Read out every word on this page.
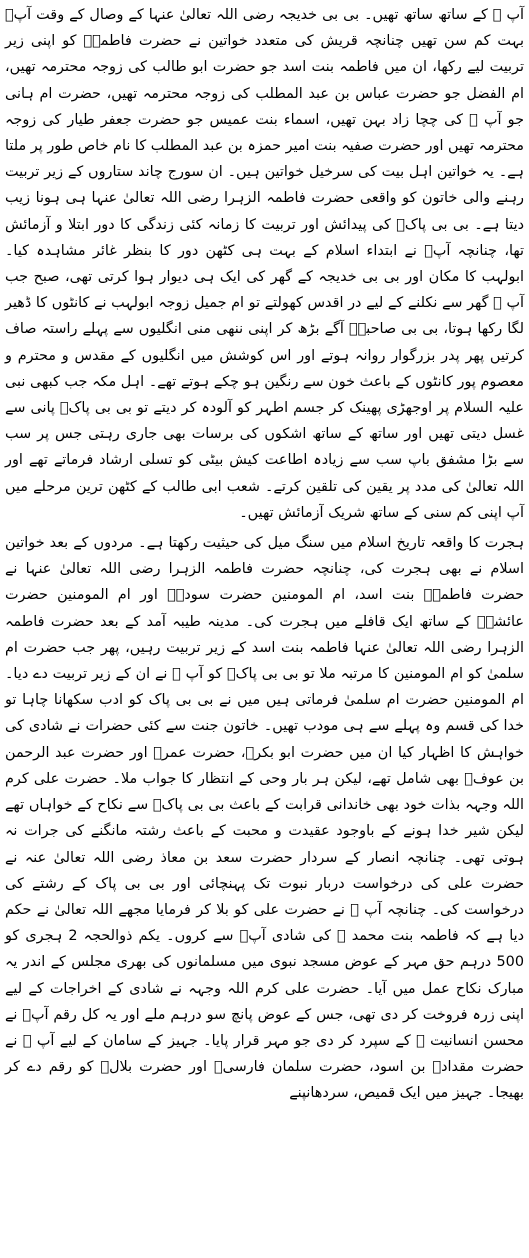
آپ ﷺ کے ساتھ ساتھ تھیں۔ بی بی خدیجہ رضی اللہ تعالیٰ عنہا کے وصال کے وقت آپؓ بہت کم سن تھیں چنانچہ قریش کی متعدد خواتین نے حضرت فاطمہؓ کو اپنی زیر تربیت لیے رکھا، ان میں فاطمہ بنت اسد جو حضرت ابو طالب کی زوجہ محترمہ تھیں، ام الفضل جو حضرت عباس بن عبد المطلب کی زوجہ محترمہ تھیں، حضرت ام ہانی جو آپ ﷺ کی چچا زاد بہن تھیں، اسماء بنت عمیس جو حضرت جعفر طیار کی زوجہ محترمہ تھیں اور حضرت صفیہ بنت امیر حمزہ بن عبد المطلب کا نام خاص طور پر ملتا ہے۔ یہ خواتین اہل بیت کی سرخیل خواتین ہیں۔ ان سورج چاند ستاروں کے زیر تربیت رہنے والی خاتون کو واقعی حضرت فاطمہ الزہرا رضی اللہ تعالیٰ عنہا ہی ہونا زیب دیتا ہے۔ بی بی پاکؓ کی پیدائش اور تربیت کا زمانہ کئی زندگی کا دور ابتلا و آزمائش تھا، چنانچہ آپؓ نے ابتداء اسلام کے بہت ہی کٹھن دور کا بنظر غائر مشاہدہ کیا۔ ابولہب کا مکان اور بی بی خدیجہ کے گھر کی ایک ہی دیوار ہوا کرتی تھی، صبح جب آپ ﷺ گھر سے نکلنے کے لیے در اقدس کھولتے تو ام جمیل زوجہ ابولہب نے کانٹوں کا ڈھیر لگا رکھا ہوتا، بی بی صاحبہؓ آگے بڑھ کر اپنی ننھی منی انگلیوں سے پہلے راستہ صاف کرتیں پھر پدر بزرگوار روانہ ہوتے اور اس کوشش میں انگلیوں کے مقدس و محترم و معصوم پور کانٹوں کے باعث خون سے رنگین ہو چکے ہوتے تھے۔ اہل مکہ جب کبھی نبی علیہ السلام پر اوجھڑی پھینک کر جسم اطہر کو آلودہ کر دیتے تو بی بی پاکؓ پانی سے غسل دیتی تھیں اور ساتھ کے ساتھ اشکوں کی برسات بھی جاری رہتی جس پر سب سے بڑا مشفق باپ سب سے زیادہ اطاعت کیش بیٹی کو تسلی ارشاد فرماتے تھے اور اللہ تعالیٰ کی مدد پر یقین کی تلقین کرتے۔ شعب ابی طالب کے کٹھن ترین مرحلے میں آپ اپنی کم سنی کے ساتھ شریک آزمائش تھیں۔

ہجرت کا واقعہ تاریخ اسلام میں سنگ میل کی حیثیت رکھتا ہے۔ مردوں کے بعد خواتین اسلام نے بھی ہجرت کی، چنانچہ حضرت فاطمہ الزہرا رضی اللہ تعالیٰ عنہا نے حضرت فاطمہؓ بنت اسد، ام المومنین حضرت سودہؓ اور ام المومنین حضرت عائشہؓ کے ساتھ ایک قافلے میں ہجرت کی۔ مدینہ طیبہ آمد کے بعد حضرت فاطمہ الزہرا رضی اللہ تعالیٰ عنہا فاطمہ بنت اسد کے زیر تربیت رہیں، پھر جب حضرت ام سلمیٰ کو ام المومنین کا مرتبہ ملا تو بی بی پاکؓ کو آپ ﷺ نے ان کے زیر تربیت دے دیا۔ ام المومنین حضرت ام سلمیٰ فرماتی ہیں میں نے بی بی پاک کو ادب سکھانا چاہا تو خدا کی قسم وہ پہلے سے ہی مودب تھیں۔ خاتون جنت سے کئی حضرات نے شادی کی خواہش کا اظہار کیا ان میں حضرت ابو بکرؓ، حضرت عمرؓ اور حضرت عبد الرحمن بن عوفؓ بھی شامل تھے، لیکن ہر بار وحی کے انتظار کا جواب ملا۔ حضرت علی کرم اللہ وجہہ بذات خود بھی خاندانی قرابت کے باعث بی بی پاکؓ سے نکاح کے خواہاں تھے لیکن شیر خدا ہونے کے باوجود عقیدت و محبت کے باعث رشتہ مانگنے کی جرات نہ ہوتی تھی۔ چنانچہ انصار کے سردار حضرت سعد بن معاذ رضی اللہ تعالیٰ عنہ نے حضرت علی کی درخواست دربار نبوت تک پہنچائی اور بی بی پاک کے رشتے کی درخواست کی۔ چنانچہ آپ ﷺ نے حضرت علی کو بلا کر فرمایا مجھے اللہ تعالیٰ نے حکم دیا ہے کہ فاطمہ بنت محمد ﷺ کی شادی آپؓ سے کروں۔ یکم ذوالحجہ 2 ہجری کو 500 درہم حق مہر کے عوض مسجد نبوی میں مسلمانوں کی بھری مجلس کے اندر یہ مبارک نکاح عمل میں آیا۔ حضرت علی کرم اللہ وجہہ نے شادی کے اخراجات کے لیے اپنی زرہ فروخت کر دی تھی، جس کے عوض پانچ سو درہم ملے اور یہ کل رقم آپؓ نے محسن انسانیت ﷺ کے سپرد کر دی جو مہر قرار پایا۔ جہیز کے سامان کے لیے آپ ﷺ نے حضرت مقدادؓ بن اسود، حضرت سلمان فارسیؓ اور حضرت بلالؓ کو رقم دے کر بھیجا۔ جہیز میں ایک قمیص، سردھانپنے
